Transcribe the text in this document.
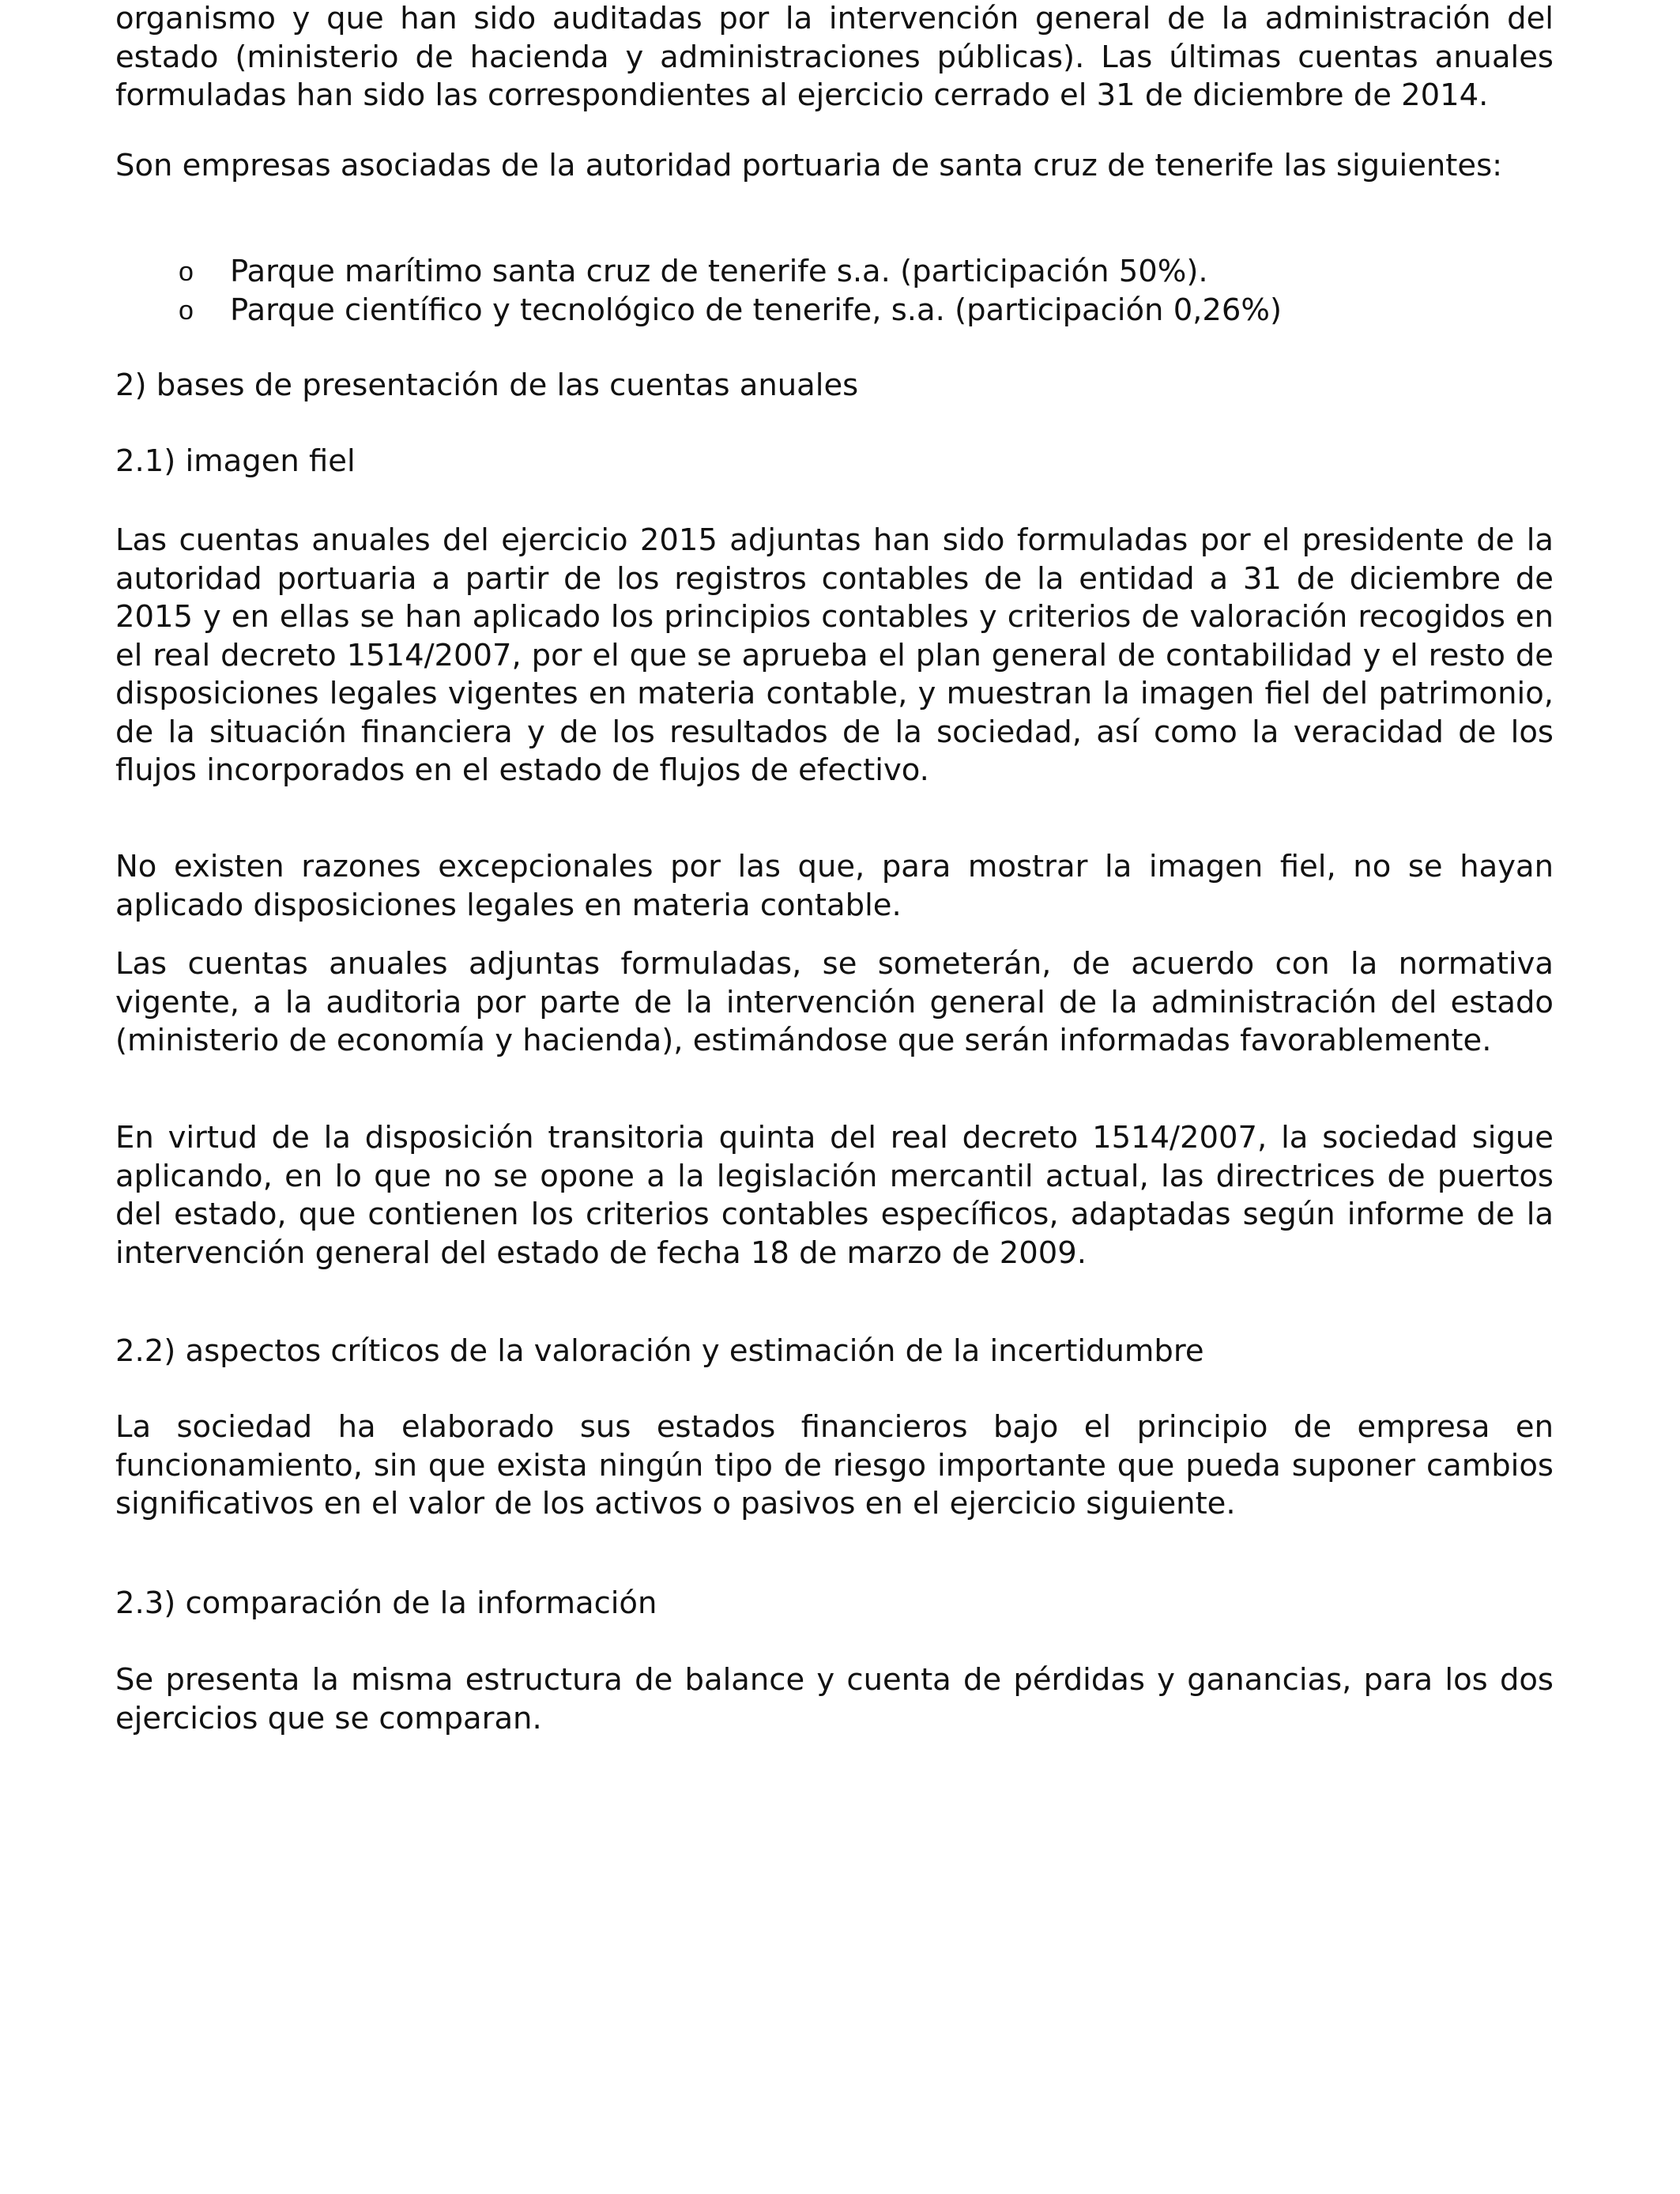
organismo y que han sido auditadas por la intervención general de la administración del estado (ministerio de hacienda y administraciones públicas). Las últimas cuentas anuales formuladas han sido las correspondientes al ejercicio cerrado el 31 de diciembre de 2014.

Son empresas asociadas de la autoridad portuaria de santa cruz de tenerife las siguientes:

o Parque marítimo santa cruz de tenerife s.a. (participación 50%).
o Parque científico y tecnológico de tenerife, s.a. (participación 0,26%)

2) bases de presentación de las cuentas anuales

2.1) imagen fiel

Las cuentas anuales del ejercicio 2015 adjuntas han sido formuladas por el presidente de la autoridad portuaria a partir de los registros contables de la entidad a 31 de diciembre de 2015 y en ellas se han aplicado los principios contables y criterios de valoración recogidos en el real decreto 1514/2007, por el que se aprueba el plan general de contabilidad y el resto de disposiciones legales vigentes en materia contable, y muestran la imagen fiel del patrimonio, de la situación financiera y de los resultados de la sociedad, así como la veracidad de los flujos incorporados en el estado de flujos de efectivo.

No existen razones excepcionales por las que, para mostrar la imagen fiel, no se hayan aplicado disposiciones legales en materia contable.

Las cuentas anuales adjuntas formuladas, se someterán, de acuerdo con la normativa vigente, a la auditoria por parte de la intervención general de la administración del estado (ministerio de economía y hacienda), estimándose que serán informadas favorablemente.

En virtud de la disposición transitoria quinta del real decreto 1514/2007, la sociedad sigue aplicando, en lo que no se opone a la legislación mercantil actual, las directrices de puertos del estado, que contienen los criterios contables específicos, adaptadas según informe de la intervención general del estado de fecha 18 de marzo de 2009.

2.2) aspectos críticos de la valoración y estimación de la incertidumbre

La sociedad ha elaborado sus estados financieros bajo el principio de empresa en funcionamiento, sin que exista ningún tipo de riesgo importante que pueda suponer cambios significativos en el valor de los activos o pasivos en el ejercicio siguiente.

2.3) comparación de la información

Se presenta la misma estructura de balance y cuenta de pérdidas y ganancias, para los dos ejercicios que se comparan.
